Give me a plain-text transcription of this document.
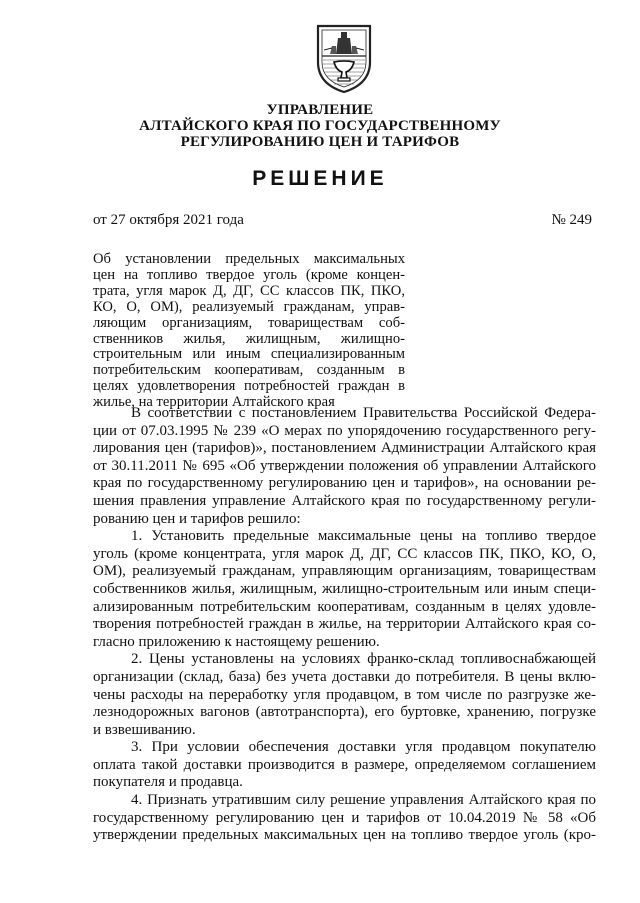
УПРАВЛЕНИЕ
АЛТАЙСКОГО КРАЯ ПО ГОСУДАРСТВЕННОМУ
РЕГУЛИРОВАНИЮ ЦЕН И ТАРИФОВ
РЕШЕНИЕ
от 27 октября 2021 года	№ 249
Об установлении предельных максимальных
цен на топливо твердое уголь (кроме концен-
трата, угля марок Д, ДГ, СС классов ПК, ПКО,
КО, О, ОМ), реализуемый гражданам, управ-
ляющим организациям, товариществам соб-
ственников жилья, жилищным, жилищно-
строительным или иным специализированным
потребительским кооперативам, созданным в
целях удовлетворения потребностей граждан в
жилье, на территории Алтайского края
В соответствии с постановлением Правительства Российской Федера-
ции от 07.03.1995 № 239 «О мерах по упорядочению государственного регу-
лирования цен (тарифов)», постановлением Администрации Алтайского края
от 30.11.2011 № 695 «Об утверждении положения об управлении Алтайского
края по государственному регулированию цен и тарифов», на основании ре-
шения правления управление Алтайского края по государственному регули-
рованию цен и тарифов решило:
1. Установить предельные максимальные цены на топливо твердое
уголь (кроме концентрата, угля марок Д, ДГ, СС классов ПК, ПКО, КО, О,
ОМ), реализуемый гражданам, управляющим организациям, товариществам
собственников жилья, жилищным, жилищно-строительным или иным специ-
ализированным потребительским кооперативам, созданным в целях удовле-
творения потребностей граждан в жилье, на территории Алтайского края со-
гласно приложению к настоящему решению.
2. Цены установлены на условиях франко-склад топливоснабжающей
организации (склад, база) без учета доставки до потребителя. В цены вклю-
чены расходы на переработку угля продавцом, в том числе по разгрузке же-
лезнодорожных вагонов (автотранспорта), его буртовке, хранению, погрузке
и взвешиванию.
3. При условии обеспечения доставки угля продавцом покупателю
оплата такой доставки производится в размере, определяемом соглашением
покупателя и продавца.
4. Признать утратившим силу решение управления Алтайского края по
государственному регулированию цен и тарифов от 10.04.2019 № 58 «Об
утверждении предельных максимальных цен на топливо твердое уголь (кро-
